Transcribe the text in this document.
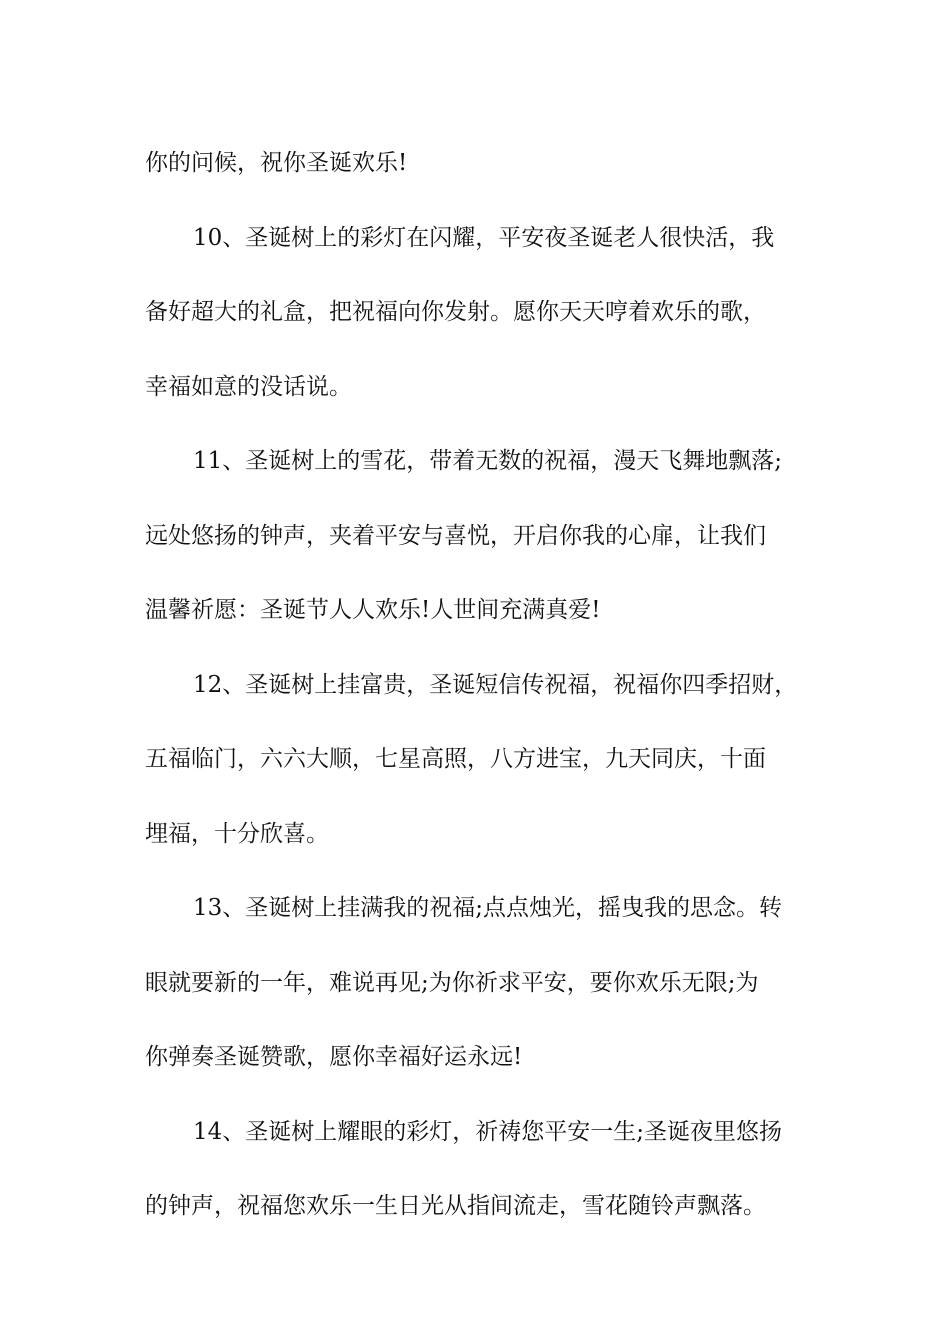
你的问候，祝你圣诞欢乐!

10、圣诞树上的彩灯在闪耀，平安夜圣诞老人很快活，我
备好超大的礼盒，把祝福向你发射。愿你天天哼着欢乐的歌，
幸福如意的没话说。

11、圣诞树上的雪花，带着无数的祝福，漫天飞舞地飘落;
远处悠扬的钟声，夹着平安与喜悦，开启你我的心扉，让我们
温馨祈愿：圣诞节人人欢乐!人世间充满真爱!

12、圣诞树上挂富贵，圣诞短信传祝福，祝福你四季招财，
五福临门，六六大顺，七星高照，八方进宝，九天同庆，十面
埋福，十分欣喜。

13、圣诞树上挂满我的祝福;点点烛光，摇曳我的思念。转
眼就要新的一年，难说再见;为你祈求平安，要你欢乐无限;为
你弹奏圣诞赞歌，愿你幸福好运永远!

14、圣诞树上耀眼的彩灯，祈祷您平安一生;圣诞夜里悠扬
的钟声，祝福您欢乐一生日光从指间流走，雪花随铃声飘落。
